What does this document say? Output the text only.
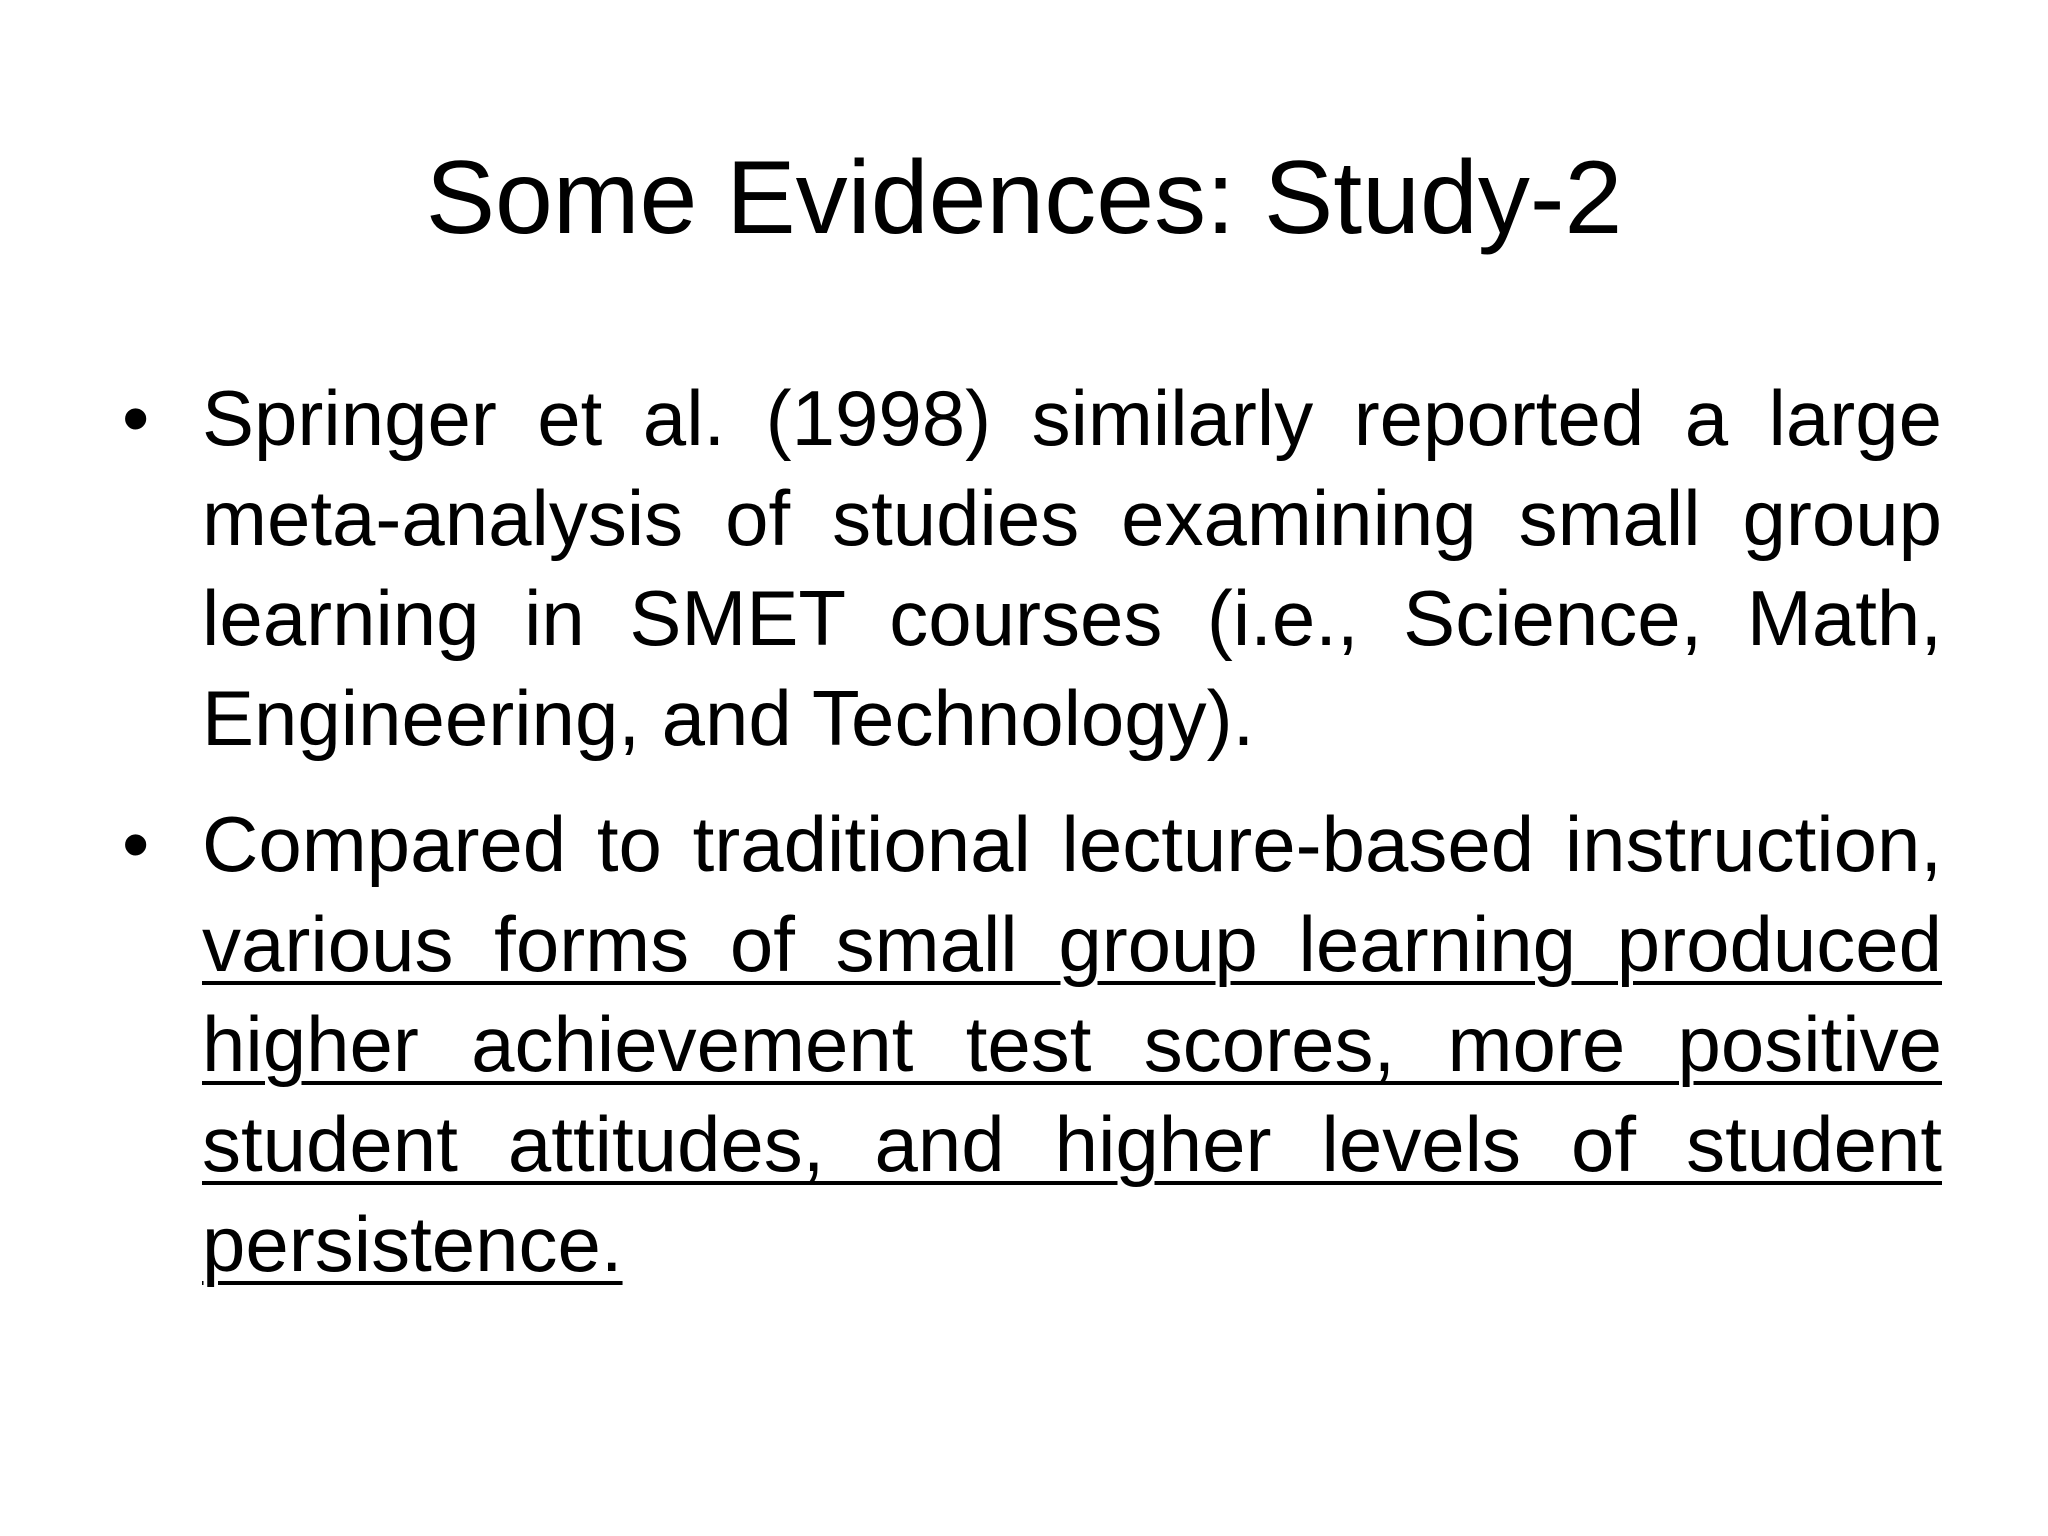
Some Evidences: Study-2
• Springer et al. (1998) similarly reported a large meta-analysis of studies examining small group learning in SMET courses (i.e., Science, Math, Engineering, and Technology).
• Compared to traditional lecture-based instruction, various forms of small group learning produced higher achievement test scores, more positive student attitudes, and higher levels of student persistence.
